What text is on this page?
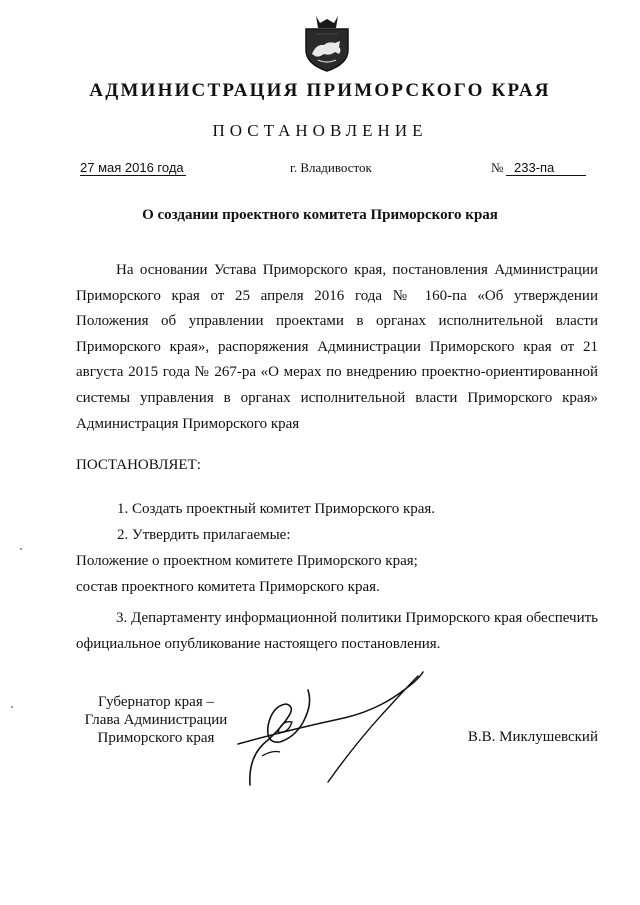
АДМИНИСТРАЦИЯ ПРИМОРСКОГО КРАЯ
ПОСТАНОВЛЕНИЕ
27 мая 2016 года	г. Владивосток	№ 233-па
О создании проектного комитета Приморского края

На основании Устава Приморского края, постановления Администрации Приморского края от 25 апреля 2016 года № 160-па «Об утверждении Положения об управлении проектами в органах исполнительной власти Приморского края», распоряжения Администрации Приморского края от 21 августа 2015 года № 267-ра «О мерах по внедрению проектно-ориентированной системы управления в органах исполнительной власти Приморского края» Администрация Приморского края

ПОСТАНОВЛЯЕТ:
1. Создать проектный комитет Приморского края.
2. Утвердить прилагаемые:
Положение о проектном комитете Приморского края;
состав проектного комитета Приморского края.

3. Департаменту информационной политики Приморского края обеспечить официальное опубликование настоящего постановления.

Губернатор края –
Глава Администрации
Приморского края	В.В. Миклушевский
